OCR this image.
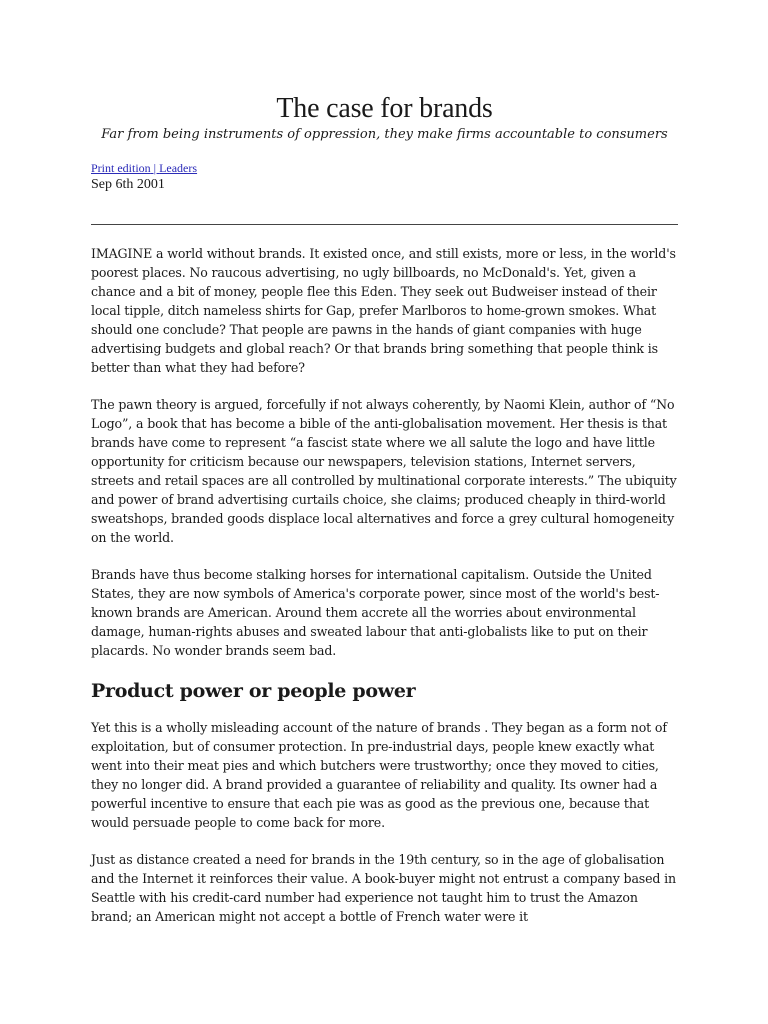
The case for brands

Far from being instruments of oppression, they make firms accountable to consumers

Print edition | Leaders
Sep 6th 2001

IMAGINE a world without brands. It existed once, and still exists, more or less, in the world's poorest places. No raucous advertising, no ugly billboards, no McDonald's. Yet, given a chance and a bit of money, people flee this Eden. They seek out Budweiser instead of their local tipple, ditch nameless shirts for Gap, prefer Marlboros to home-grown smokes. What should one conclude? That people are pawns in the hands of giant companies with huge advertising budgets and global reach? Or that brands bring something that people think is better than what they had before?

The pawn theory is argued, forcefully if not always coherently, by Naomi Klein, author of “No Logo”, a book that has become a bible of the anti-globalisation movement. Her thesis is that brands have come to represent “a fascist state where we all salute the logo and have little opportunity for criticism because our newspapers, television stations, Internet servers, streets and retail spaces are all controlled by multinational corporate interests.” The ubiquity and power of brand advertising curtails choice, she claims; produced cheaply in third-world sweatshops, branded goods displace local alternatives and force a grey cultural homogeneity on the world.

Brands have thus become stalking horses for international capitalism. Outside the United States, they are now symbols of America's corporate power, since most of the world's best-known brands are American. Around them accrete all the worries about environmental damage, human-rights abuses and sweated labour that anti-globalists like to put on their placards. No wonder brands seem bad.

Product power or people power

Yet this is a wholly misleading account of the nature of brands . They began as a form not of exploitation, but of consumer protection. In pre-industrial days, people knew exactly what went into their meat pies and which butchers were trustworthy; once they moved to cities, they no longer did. A brand provided a guarantee of reliability and quality. Its owner had a powerful incentive to ensure that each pie was as good as the previous one, because that would persuade people to come back for more.

Just as distance created a need for brands in the 19th century, so in the age of globalisation and the Internet it reinforces their value. A book-buyer might not entrust a company based in Seattle with his credit-card number had experience not taught him to trust the Amazon brand; an American might not accept a bottle of French water were it
